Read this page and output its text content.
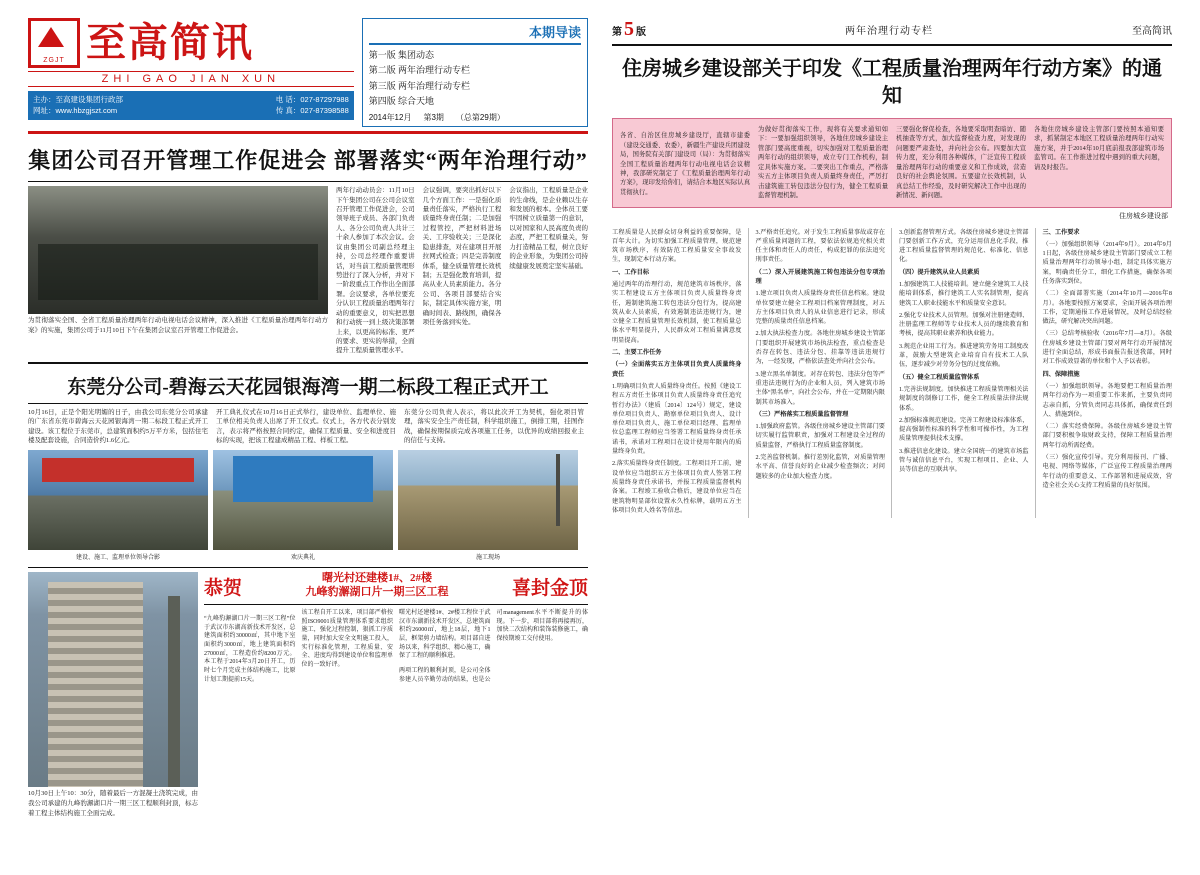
ZGJT 至高简讯
ZHI GAO JIAN XUN
主办：至高建设集团行政部
网址：www.hbzgjszt.com
电 话：027-87297988
传 真：027-87398588
本期导读
第一版 集团动态
第二版 两年治理行动专栏
第三版 两年治理行动专栏
第四版 综合天地
2014年12月 第3期 （总第29期）
集团公司召开管理工作促进会 部署落实“两年治理行动”
为贯彻落实全国、全省工程质量治理两年行动电视电话会议精神，深入推进《工程质量治理两年行动方案》的实施，集团公司于11月10日下午在集团会议室召开管理工作促进会。
两年行动动员会：11月10日下午集团公司在公司会议室召开管理工作促进会，公司领导班子成员、各部门负责人、各分公司负责人共计三十余人参加了本次会议。会议由集团公司副总经理主持，公司总经理作重要讲话，对当前工程质量管理形势进行了深入分析，并对下一阶段重点工作作出全面部署。会议要求，各单位要充分认识工程质量治理两年行动的重要意义，切实把思想和行动统一到上级决策部署上来，以更高的标准、更严的要求、更实的举措，全面提升工程质量管理水平。
会议强调，要突出抓好以下几个方面工作：一是强化质量责任落实，严格执行工程质量终身责任制；二是加强过程管控，严把材料进场关、工序验收关；三是深化隐患排查，对在建项目开展拉网式检查；四是完善制度体系，健全质量管理长效机制；五是强化教育培训，提高从业人员素质能力。各分公司、各项目部要结合实际，制定具体实施方案，明确时间表、路线图，确保各项任务落到实处。
会议指出，工程质量是企业的生命线，是企业赖以生存和发展的根本。全体员工要牢固树立质量第一的意识，以对国家和人民高度负责的态度，严把工程质量关，努力打造精品工程，树立良好的企业形象，为集团公司持续健康发展奠定坚实基础。
东莞分公司-碧海云天花园银海湾一期二标段工程正式开工
10月16日，正是个阳光明媚的日子，由我公司东莞分公司承建的广东省东莞市碧海云天花园银海湾一期二标段工程正式开工建设。该工程位于东莞市，总建筑面积约5万平方米，包括住宅楼及配套设施，合同造价约1.6亿元。
开工典礼仪式在10月16日正式举行，建设单位、监理单位、施工单位相关负责人出席了开工仪式。仪式上，各方代表分别发言，表示将严格按照合同约定，确保工程质量、安全和进度目标的实现，把该工程建成精品工程、样板工程。
东莞分公司负责人表示，将以此次开工为契机，强化项目管理，落实安全生产责任制，科学组织施工，倒排工期，挂图作战，确保按期保质完成各项施工任务，以优异的成绩回报业主的信任与支持。
建设、施工、监理单位领导合影	欢庆典礼	施工现场
10月30日上午10：30分，随着最后一方混凝土浇筑完成，由我公司承建的九峰豹澥湖口片一期三区工程顺利封顶，标志着工程主体结构施工全面完成。
恭贺	曙光村还建楼1#、2#楼
九峰豹澥湖口片一期三区工程	喜封金顶

“九峰豹澥湖口片一期三区工程”位于武汉市东湖高新技术开发区，总建筑面积约30000㎡，其中地下室面积约3000㎡，地上建筑面积约27000㎡，工程造价约8200万元。本工程于2014年3月20日开工，历时七个月完成主体结构施工，比原计划工期提前15天。

该工程自开工以来，项目部严格按照ISO9001质量管理体系要求组织施工，强化过程控制，狠抓工序质量，同时加大安全文明施工投入，实行标准化管理，工程质量、安全、进度均得到建设单位和监理单位的一致好评。

曙光村还建楼1#、2#楼工程位于武汉市东湖新技术开发区，总建筑面积约26000㎡，地上18层，地下1层，框架剪力墙结构。项目部自进场以来，科学组织、精心施工，确保了工程的顺利推进。

两项工程的顺利封顶，是公司全体参建人员辛勤劳动的结果，也是公司management水平不断提升的体现。下一步，项目部将再接再厉，加快二次结构和装饰装修施工，确保按期竣工交付使用。

第 5 版	两年治理行动专栏	至高简讯
住房城乡建设部关于印发《工程质量治理两年行动方案》的通知

各省、自治区住房城乡建设厅，直辖市建委（建设交通委、农委），新疆生产建设兵团建设局，国务院有关部门建设司（局）：为贯彻落实全国工程质量治理两年行动电视电话会议精神，我部研究制定了《工程质量治理两年行动方案》，现印发给你们，请结合本地区实际认真贯彻执行。

为做好贯彻落实工作，现将有关要求通知如下：一要加强组织领导，各地住房城乡建设主管部门要高度重视，切实加强对工程质量治理两年行动的组织领导，成立专门工作机构，制定具体实施方案。二要突出工作重点，严格落实五方主体项目负责人质量终身责任，严厉打击建筑施工转包违法分包行为，健全工程质量监督管理机制。

三要强化督促检查，各地要采取明查暗访、随机抽查等方式，加大监督检查力度，对发现的问题要严肃查处，并向社会公布。四要加大宣传力度，充分利用各种媒体，广泛宣传工程质量治理两年行动的重要意义和工作成效，营造良好的社会舆论氛围。五要建立长效机制，认真总结工作经验，及时研究解决工作中出现的新情况、新问题。

各地住房城乡建设主管部门要按照本通知要求，抓紧制定本地区工程质量治理两年行动实施方案，并于2014年10月底前报我部建筑市场监管司。在工作推进过程中遇到的重大问题，请及时报告。

住房城乡建设部

工程质量是人民群众切身利益的重要保障，是百年大计。为切实加强工程质量管理，规范建筑市场秩序，有效防范工程质量安全事故发生，现制定本行动方案。

一、工作目标

通过两年的治理行动，规范建筑市场秩序，落实工程建设五方主体项目负责人质量终身责任，遏制建筑施工转包违法分包行为，提高建筑从业人员素质，有效遏制违法违规行为，建立健全工程质量管理长效机制，使工程质量总体水平明显提升，人民群众对工程质量满意度明显提高。

二、主要工作任务

（一）全面落实五方主体项目负责人质量终身责任

1.明确项目负责人质量终身责任。按照《建设工程五方责任主体项目负责人质量终身责任追究暂行办法》（建质〔2014〕124号）规定，建设单位项目负责人、勘察单位项目负责人、设计单位项目负责人、施工单位项目经理、监理单位总监理工程师应当签署工程质量终身责任承诺书，承诺对工程项目在设计使用年限内的质量终身负责。

2.落实质量终身责任制度。工程项目开工前，建设单位应当组织五方主体项目负责人签署工程质量终身责任承诺书，并报工程质量监督机构备案。工程竣工验收合格后，建设单位应当在建筑物明显部位设置永久性标牌，载明五方主体项目负责人姓名等信息。

3.严格责任追究。对于发生工程质量事故或存在严重质量问题的工程，要依法依规追究相关责任主体和责任人的责任，构成犯罪的依法追究刑事责任。

（二）深入开展建筑施工转包违法分包专项治理

1.建立项目负责人质量终身责任信息档案。建设单位要建立健全工程项目档案管理制度，对五方主体项目负责人的从业信息进行记录，形成完整的质量责任信息档案。

2.加大执法检查力度。各地住房城乡建设主管部门要组织开展建筑市场执法检查，重点检查是否存在转包、违法分包、挂靠等违法违规行为，一经发现，严格依法查处并向社会公布。

3.建立黑名单制度。对存在转包、违法分包等严重违法违规行为的企业和人员，列入建筑市场主体“黑名单”，向社会公布，并在一定期限内限制其市场准入。

（三）严格落实工程质量监督管理

1.加强政府监管。各级住房城乡建设主管部门要切实履行监管职责，加强对工程建设全过程的质量监督，严格执行工程质量监督制度。

2.完善监督机制。推行差别化监管，对质量管理水平高、信誉良好的企业减少检查频次；对问题较多的企业加大检查力度。

3.创新监督管理方式。各级住房城乡建设主管部门要创新工作方式，充分运用信息化手段，推进工程质量监督管理的规范化、标准化、信息化。

（四）提升建筑从业人员素质

1.加强建筑工人技能培训。建立健全建筑工人技能培训体系，推行建筑工人实名制管理，提高建筑工人职业技能水平和质量安全意识。

2.强化专业技术人员管理。加强对注册建造师、注册监理工程师等专业技术人员的继续教育和考核，提高其职业素养和执业能力。

3.规范企业用工行为。推进建筑劳务用工制度改革，鼓励大型建筑企业培育自有技术工人队伍，逐步减少对劳务分包的过度依赖。

（五）健全工程质量监管体系

1.完善法规制度。加快推进工程质量管理相关法规制度的制修订工作，健全工程质量法律法规体系。

2.加强标准规范建设。完善工程建设标准体系，提高强制性标准的科学性和可操作性，为工程质量管理提供技术支撑。

3.推进信息化建设。建立全国统一的建筑市场监管与诚信信息平台，实现工程项目、企业、人员等信息的互联共享。

三、工作要求

（一）加强组织领导（2014年9月）。2014年9月1日起，各级住房城乡建设主管部门要成立工程质量治理两年行动领导小组，制定具体实施方案，明确责任分工，细化工作措施，确保各项任务落实到位。

（二）全面部署实施（2014年10月—2016年8月）。各地要按照方案要求，全面开展各项治理工作，定期通报工作进展情况，及时总结经验做法，研究解决突出问题。

（三）总结考核验收（2016年7月—8月）。各级住房城乡建设主管部门要对两年行动开展情况进行全面总结，形成书面报告报送我部，同时对工作成效显著的单位和个人予以表彰。

四、保障措施

（一）加强组织领导。各地要把工程质量治理两年行动作为一项重要工作来抓，主要负责同志亲自抓，分管负责同志具体抓，确保责任到人、措施到位。

（二）落实经费保障。各级住房城乡建设主管部门要积极争取财政支持，保障工程质量治理两年行动所需经费。

（三）强化宣传引导。充分利用报刊、广播、电视、网络等媒体，广泛宣传工程质量治理两年行动的重要意义、工作部署和进展成效，营造全社会关心支持工程质量的良好氛围。
